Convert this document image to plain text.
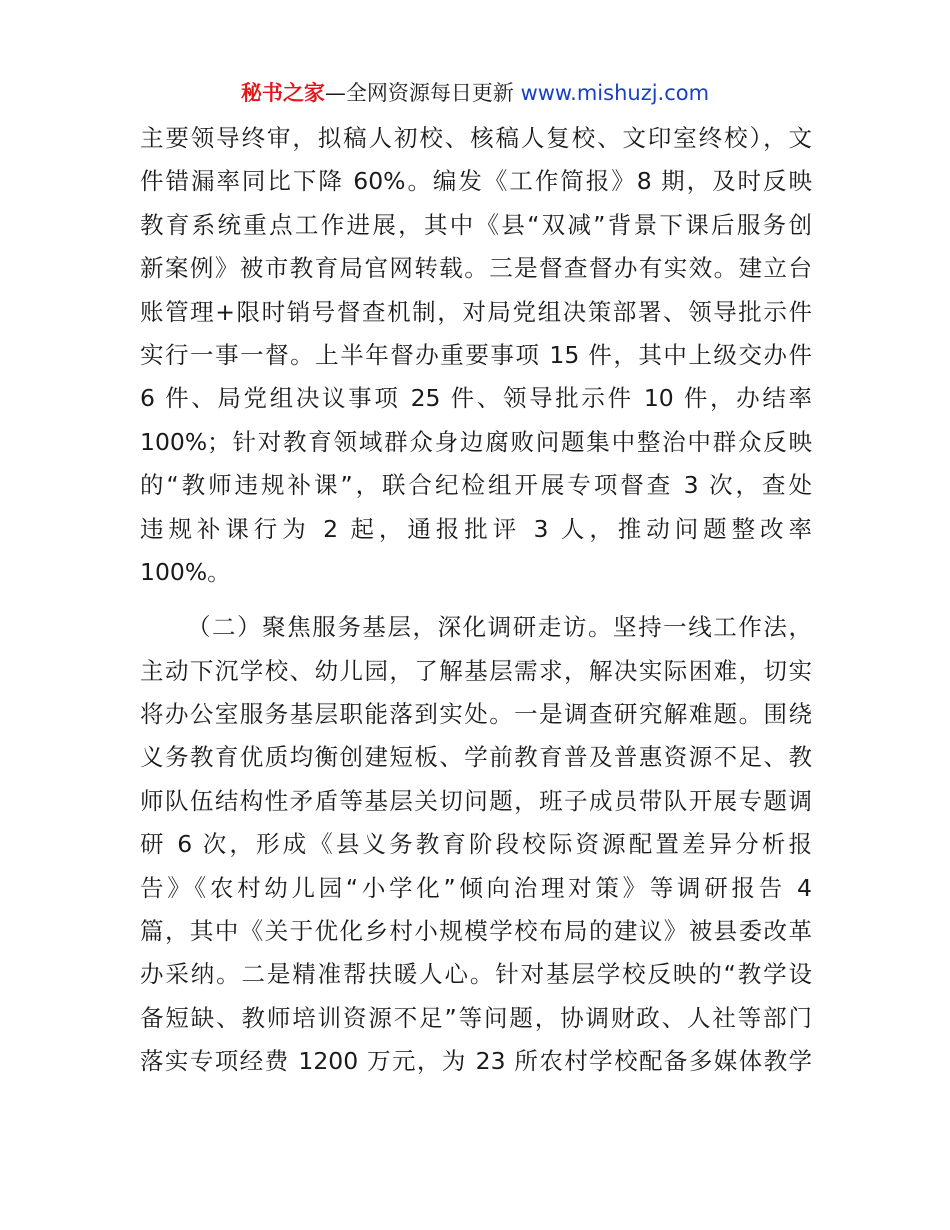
秘书之家—全网资源每日更新 www.mishuzj.com
主要领导终审，拟稿人初校、核稿人复校、文印室终校），文
件错漏率同比下降 60%。编发《工作简报》8 期，及时反映
教育系统重点工作进展，其中《县“双减”背景下课后服务创
新案例》被市教育局官网转载。三是督查督办有实效。建立台
账管理+限时销号督查机制，对局党组决策部署、领导批示件
实行一事一督。上半年督办重要事项 15 件，其中上级交办件
6 件、局党组决议事项 25 件、领导批示件 10 件，办结率
100%；针对教育领域群众身边腐败问题集中整治中群众反映
的“教师违规补课”，联合纪检组开展专项督查 3 次，查处
违规补课行为 2 起，通报批评 3 人，推动问题整改率
100%。
（二）聚焦服务基层，深化调研走访。坚持一线工作法，
主动下沉学校、幼儿园，了解基层需求，解决实际困难，切实
将办公室服务基层职能落到实处。一是调查研究解难题。围绕
义务教育优质均衡创建短板、学前教育普及普惠资源不足、教
师队伍结构性矛盾等基层关切问题，班子成员带队开展专题调
研 6 次，形成《县义务教育阶段校际资源配置差异分析报
告》《农村幼儿园“小学化”倾向治理对策》等调研报告 4
篇，其中《关于优化乡村小规模学校布局的建议》被县委改革
办采纳。二是精准帮扶暖人心。针对基层学校反映的“教学设
备短缺、教师培训资源不足”等问题，协调财政、人社等部门
落实专项经费 1200 万元，为 23 所农村学校配备多媒体教学
